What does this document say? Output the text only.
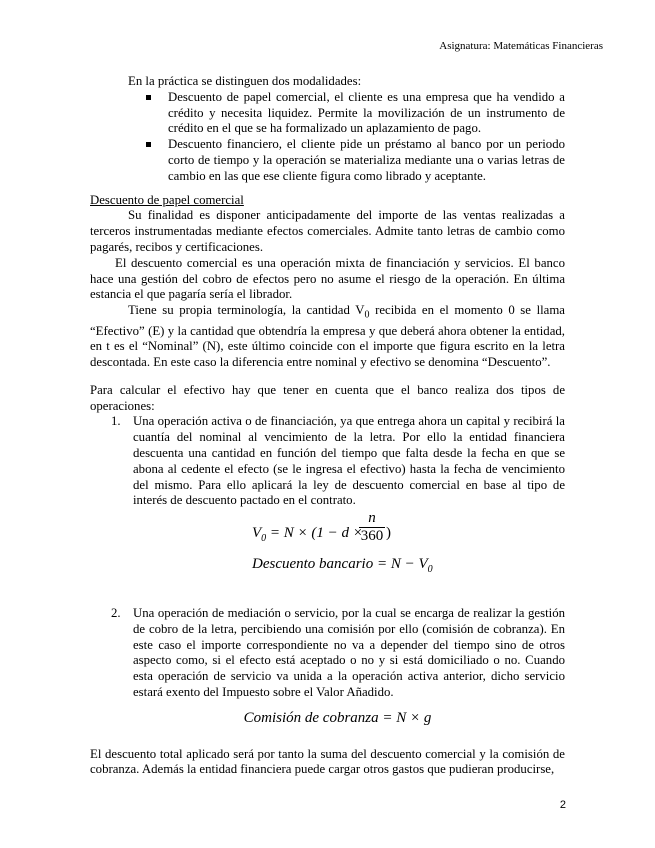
Asignatura: Matemáticas Financieras

En la práctica se distinguen dos modalidades:

Descuento de papel comercial, el cliente es una empresa que ha vendido a crédito y necesita liquidez. Permite la movilización de un instrumento de crédito en el que se ha formalizado un aplazamiento de pago.
Descuento financiero, el cliente pide un préstamo al banco por un periodo corto de tiempo y la operación se materializa mediante una o varias letras de cambio en las que ese cliente figura como librado y aceptante.

Descuento de papel comercial

Su finalidad es disponer anticipadamente del importe de las ventas realizadas a terceros instrumentadas mediante efectos comerciales. Admite tanto letras de cambio como pagarés, recibos y certificaciones.

El descuento comercial es una operación mixta de financiación y servicios. El banco hace una gestión del cobro de efectos pero no asume el riesgo de la operación. En última estancia el que pagaría sería el librador.

Tiene su propia terminología, la cantidad $V_0$ recibida en el momento 0 se llama “Efectivo” (E) y la cantidad que obtendría la empresa y que deberá ahora obtener la entidad, en t es el “Nominal” (N), este último coincide con el importe que figura escrito en la letra descontada. En este caso la diferencia entre nominal y efectivo se denomina “Descuento”.

Para calcular el efectivo hay que tener en cuenta que el banco realiza dos tipos de operaciones:

1. Una operación activa o de financiación, ya que entrega ahora un capital y recibirá la cuantía del nominal al vencimiento de la letra. Por ello la entidad financiera descuenta una cantidad en función del tiempo que falta desde la fecha en que se abona al cedente el efecto (se le ingresa el efectivo) hasta la fecha de vencimiento del mismo. Para ello aplicará la ley de descuento comercial en base al tipo de interés de descuento pactado en el contrato.
$V_0 = N \times (1 - d$ ×
n
360 )
Descuento bancario = $N - V_0$
2. Una operación de mediación o servicio, por la cual se encarga de realizar la gestión de cobro de la letra, percibiendo una comisión por ello (comisión de cobranza). En este caso el importe correspondiente no va a depender del tiempo sino de otros aspecto como, si el efecto está aceptado o no y si está domiciliado o no. Cuando esta operación de servicio va unida a la operación activa anterior, dicho servicio estará exento del Impuesto sobre el Valor Añadido.
Comisión de cobranza = N × g

El descuento total aplicado será por tanto la suma del descuento comercial y la comisión de cobranza. Además la entidad financiera puede cargar otros gastos que pudieran producirse,

2
